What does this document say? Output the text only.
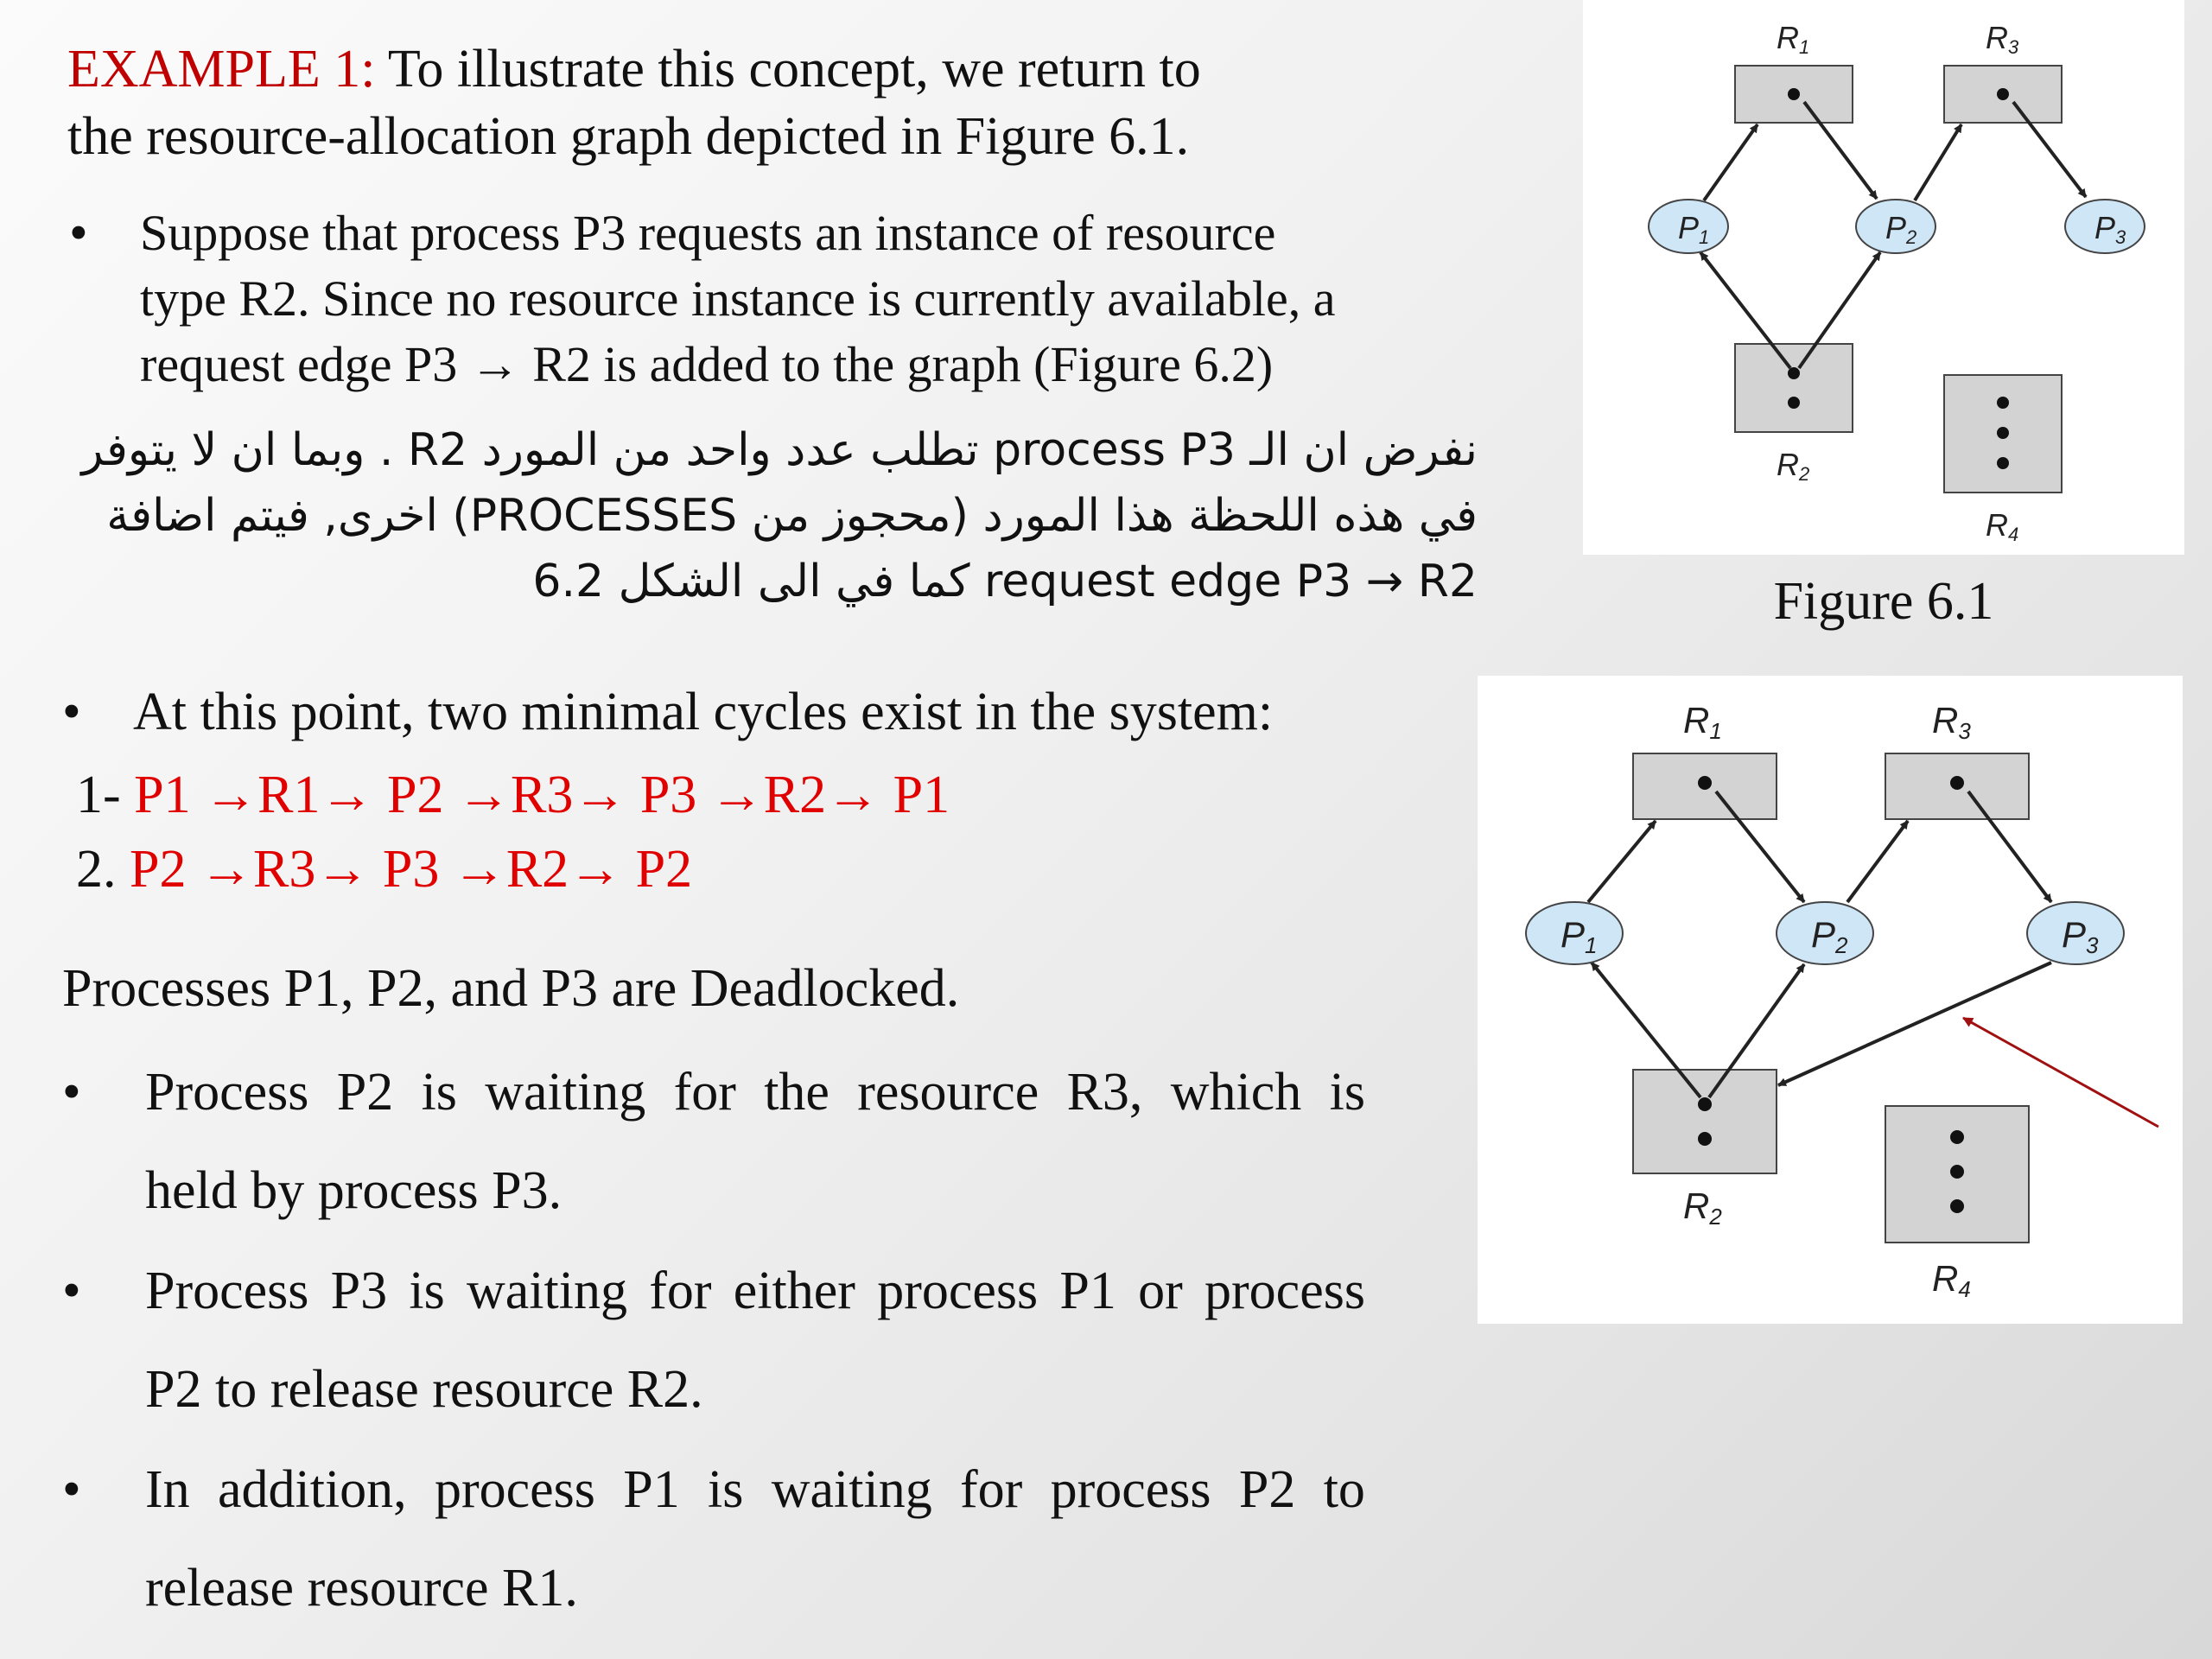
EXAMPLE 1: To illustrate this concept, we return to
the resource-allocation graph depicted in Figure 6.1.
• Suppose that process P3 requests an instance of resource
type R2. Since no resource instance is currently available, a
request edge P3 → R2 is added to the graph (Figure 6.2)
نفرض ان الـ process P3 تطلب عدد واحد من المورد R2 . وبما ان لا يتوفر
في هذه اللحظة هذا المورد (محجوز من PROCESSES) اخرى, فيتم اضافة
request edge P3 → R2 كما في الى الشكل 6.2
• At this point, two minimal cycles exist in the system:
1- P1 →R1→ P2 →R3→ P3 →R2→ P1
2. P2 →R3→ P3 →R2→ P2
Processes P1, P2, and P3 are Deadlocked.
• Process P2 is waiting for the resource R3, which is
held by process P3.
• Process P3 is waiting for either process P1 or process
P2 to release resource R2.
• In addition, process P1 is waiting for process P2 to
release resource R1.
P1	P2	P3
R1	R3
R2
R4
Figure 6.1
P1	P2	P3
R1	R3
R2
R4
